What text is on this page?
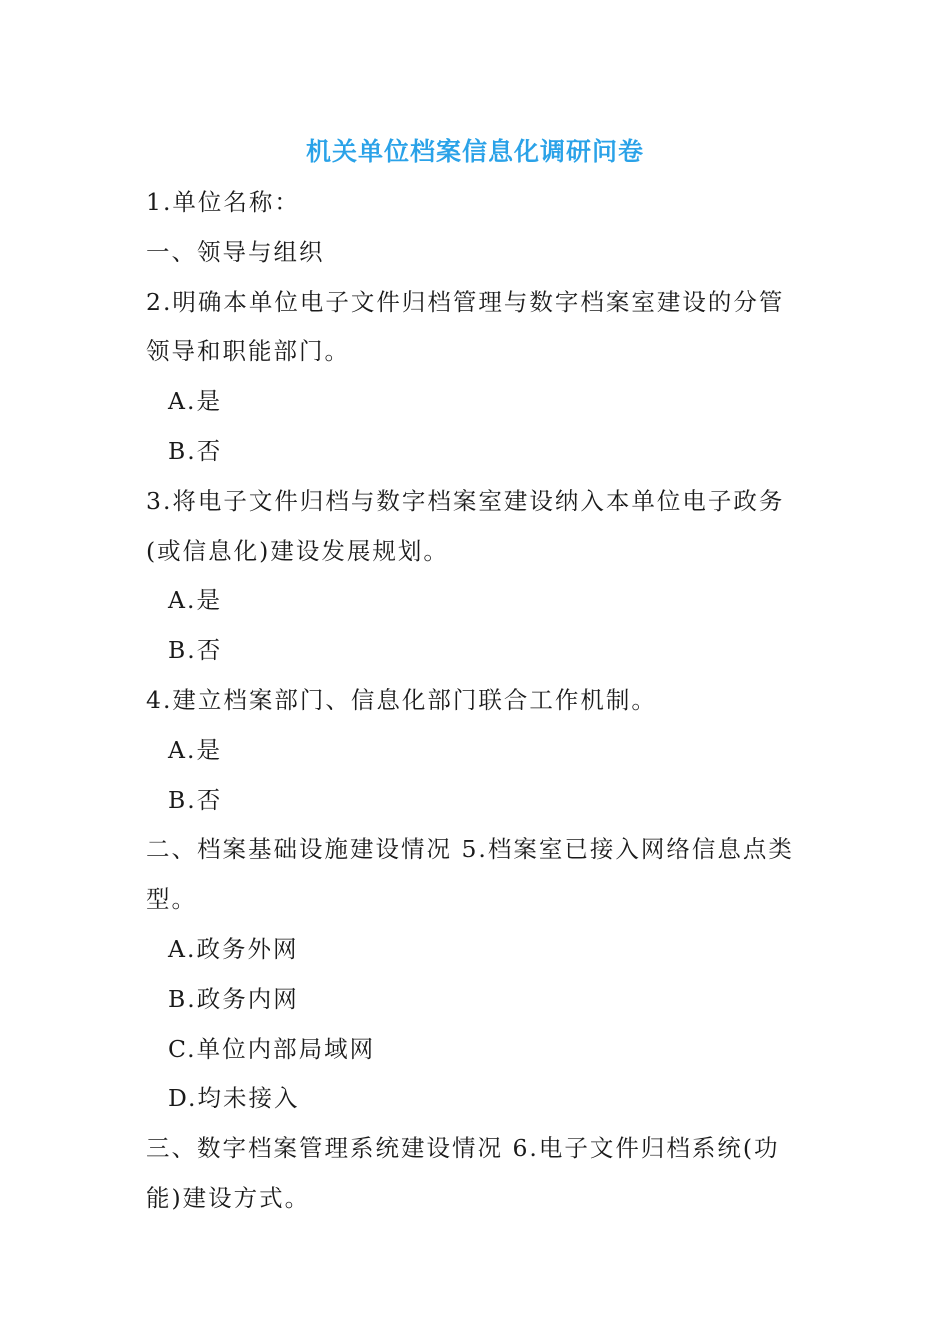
机关单位档案信息化调研问卷
1.单位名称：
一、领导与组织
2.明确本单位电子文件归档管理与数字档案室建设的分管
领导和职能部门。
A.是
B.否
3.将电子文件归档与数字档案室建设纳入本单位电子政务
(或信息化)建设发展规划。
A.是
B.否
4.建立档案部门、信息化部门联合工作机制。
A.是
B.否
二、档案基础设施建设情况 5.档案室已接入网络信息点类
型。
A.政务外网
B.政务内网
C.单位内部局域网
D.均未接入
三、数字档案管理系统建设情况 6.电子文件归档系统(功
能)建设方式。
